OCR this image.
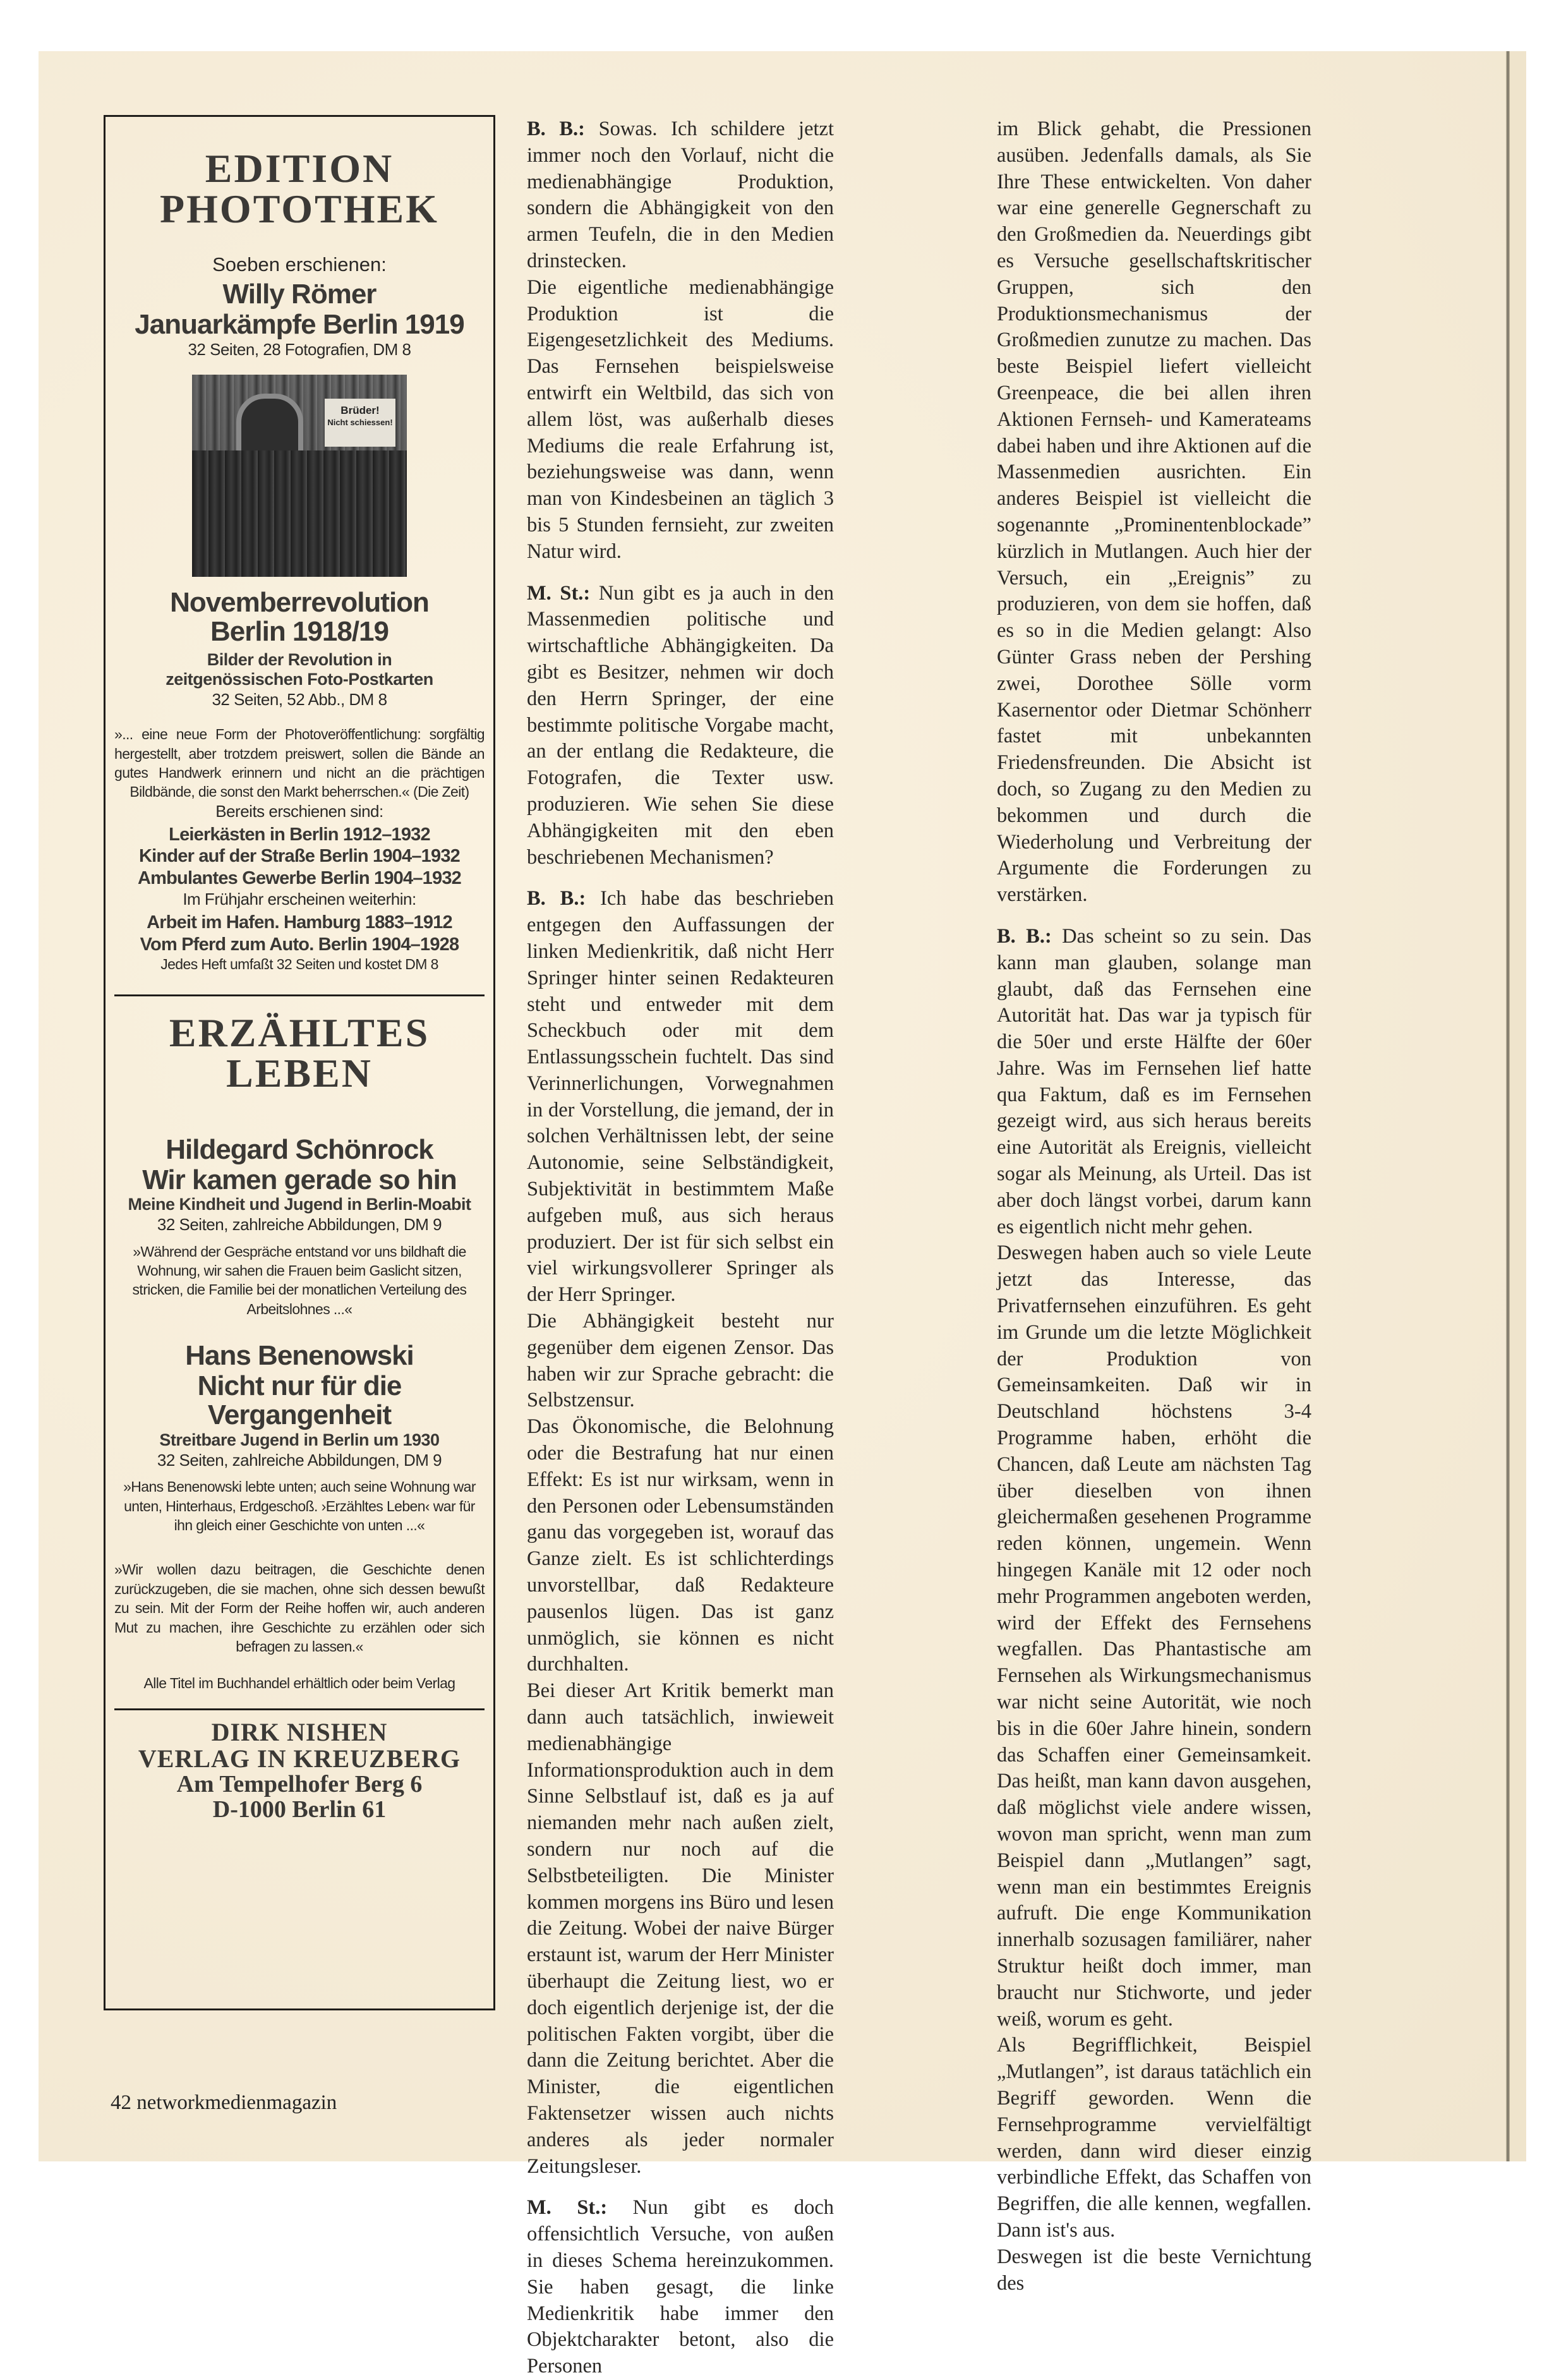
EDITION
PHOTOTHEK

Soeben erschienen:

Willy Römer

Januarkämpfe Berlin 1919

32 Seiten, 28 Fotografien, DM 8

Brüder!
Nicht schiessen!

Novemberrevolution

Berlin 1918/19

Bilder der Revolution in

zeitgenössischen Foto-Postkarten

32 Seiten, 52 Abb., DM 8

»... eine neue Form der Photoveröffentlichung: sorgfältig hergestellt, aber trotzdem preiswert, sollen die Bände an gutes Handwerk erinnern und nicht an die prächtigen Bildbände, die sonst den Markt beherrschen.« (Die Zeit)

Bereits erschienen sind:

Leierkästen in Berlin 1912–1932

Kinder auf der Straße Berlin 1904–1932

Ambulantes Gewerbe Berlin 1904–1932

Im Frühjahr erscheinen weiterhin:

Arbeit im Hafen. Hamburg 1883–1912

Vom Pferd zum Auto. Berlin 1904–1928

Jedes Heft umfaßt 32 Seiten und kostet DM 8

ERZÄHLTES
LEBEN

Hildegard Schönrock

Wir kamen gerade so hin

Meine Kindheit und Jugend in Berlin-Moabit

32 Seiten, zahlreiche Abbildungen, DM 9

»Während der Gespräche entstand vor uns bildhaft die Wohnung, wir sahen die Frauen beim Gaslicht sitzen, stricken, die Familie bei der monatlichen Verteilung des Arbeitslohnes ...«

Hans Benenowski

Nicht nur für die Vergangenheit

Streitbare Jugend in Berlin um 1930

32 Seiten, zahlreiche Abbildungen, DM 9

»Hans Benenowski lebte unten; auch seine Wohnung war unten, Hinterhaus, Erdgeschoß. ›Erzähltes Leben‹ war für ihn gleich einer Geschichte von unten ...«

»Wir wollen dazu beitragen, die Geschichte denen zurückzugeben, die sie machen, ohne sich dessen bewußt zu sein. Mit der Form der Reihe hoffen wir, auch anderen Mut zu machen, ihre Geschichte zu erzählen oder sich befragen zu lassen.«

Alle Titel im Buchhandel erhältlich oder beim Verlag

DIRK NISHEN
VERLAG IN KREUZBERG
Am Tempelhofer Berg 6
D-1000 Berlin 61

B. B.: Sowas. Ich schildere jetzt immer noch den Vorlauf, nicht die medienabhängige Produktion, sondern die Abhängigkeit von den armen Teufeln, die in den Medien drinstecken.

Die eigentliche medienabhängige Produktion ist die Eigengesetzlichkeit des Mediums. Das Fernsehen beispielsweise entwirft ein Weltbild, das sich von allem löst, was außerhalb dieses Mediums die reale Erfahrung ist, beziehungsweise was dann, wenn man von Kindesbeinen an täglich 3 bis 5 Stunden fernsieht, zur zweiten Natur wird.

M. St.: Nun gibt es ja auch in den Massenmedien politische und wirtschaftliche Abhängigkeiten. Da gibt es Besitzer, nehmen wir doch den Herrn Springer, der eine bestimmte politische Vorgabe macht, an der entlang die Redakteure, die Fotografen, die Texter usw. produzieren. Wie sehen Sie diese Abhängigkeiten mit den eben beschriebenen Mechanismen?

B. B.: Ich habe das beschrieben entgegen den Auffassungen der linken Medienkritik, daß nicht Herr Springer hinter seinen Redakteuren steht und entweder mit dem Scheckbuch oder mit dem Entlassungsschein fuchtelt. Das sind Verinnerlichungen, Vorwegnahmen in der Vorstellung, die jemand, der in solchen Verhältnissen lebt, der seine Autonomie, seine Selbständigkeit, Subjektivität in bestimmtem Maße aufgeben muß, aus sich heraus produziert. Der ist für sich selbst ein viel wirkungsvollerer Springer als der Herr Springer.

Die Abhängigkeit besteht nur gegenüber dem eigenen Zensor. Das haben wir zur Sprache gebracht: die Selbstzensur.

Das Ökonomische, die Belohnung oder die Bestrafung hat nur einen Effekt: Es ist nur wirksam, wenn in den Personen oder Lebensumständen ganu das vorgegeben ist, worauf das Ganze zielt. Es ist schlichterdings unvorstellbar, daß Redakteure pausenlos lügen. Das ist ganz unmöglich, sie können es nicht durchhalten.

Bei dieser Art Kritik bemerkt man dann auch tatsächlich, inwieweit medienabhängige Informationsproduktion auch in dem Sinne Selbstlauf ist, daß es ja auf niemanden mehr nach außen zielt, sondern nur noch auf die Selbstbeteiligten. Die Minister kommen morgens ins Büro und lesen die Zeitung. Wobei der naive Bürger erstaunt ist, warum der Herr Minister überhaupt die Zeitung liest, wo er doch eigentlich derjenige ist, der die politischen Fakten vorgibt, über die dann die Zeitung berichtet. Aber die Minister, die eigentlichen Faktensetzer wissen auch nichts anderes als jeder normaler Zeitungsleser.

M. St.: Nun gibt es doch offensichtlich Versuche, von außen in dieses Schema hereinzukommen. Sie haben gesagt, die linke Medienkritik habe immer den Objektcharakter betont, also die Personen

im Blick gehabt, die Pressionen ausüben. Jedenfalls damals, als Sie Ihre These entwickelten. Von daher war eine generelle Gegnerschaft zu den Großmedien da. Neuerdings gibt es Versuche gesellschaftskritischer Gruppen, sich den Produktionsmechanismus der Großmedien zunutze zu machen. Das beste Beispiel liefert vielleicht Greenpeace, die bei allen ihren Aktionen Fernseh- und Kamerateams dabei haben und ihre Aktionen auf die Massenmedien ausrichten. Ein anderes Beispiel ist vielleicht die sogenannte „Prominentenblockade” kürzlich in Mutlangen. Auch hier der Versuch, ein „Ereignis” zu produzieren, von dem sie hoffen, daß es so in die Medien gelangt: Also Günter Grass neben der Pershing zwei, Dorothee Sölle vorm Kasernentor oder Dietmar Schönherr fastet mit unbekannten Friedensfreunden. Die Absicht ist doch, so Zugang zu den Medien zu bekommen und durch die Wiederholung und Verbreitung der Argumente die Forderungen zu verstärken.

B. B.: Das scheint so zu sein. Das kann man glauben, solange man glaubt, daß das Fernsehen eine Autorität hat. Das war ja typisch für die 50er und erste Hälfte der 60er Jahre. Was im Fernsehen lief hatte qua Faktum, daß es im Fernsehen gezeigt wird, aus sich heraus bereits eine Autorität als Ereignis, vielleicht sogar als Meinung, als Urteil. Das ist aber doch längst vorbei, darum kann es eigentlich nicht mehr gehen.

Deswegen haben auch so viele Leute jetzt das Interesse, das Privatfernsehen einzuführen. Es geht im Grunde um die letzte Möglichkeit der Produktion von Gemeinsamkeiten. Daß wir in Deutschland höchstens 3-4 Programme haben, erhöht die Chancen, daß Leute am nächsten Tag über dieselben von ihnen gleichermaßen gesehenen Programme reden können, ungemein. Wenn hingegen Kanäle mit 12 oder noch mehr Programmen angeboten werden, wird der Effekt des Fernsehens wegfallen. Das Phantastische am Fernsehen als Wirkungsmechanismus war nicht seine Autorität, wie noch bis in die 60er Jahre hinein, sondern das Schaffen einer Gemeinsamkeit. Das heißt, man kann davon ausgehen, daß möglichst viele andere wissen, wovon man spricht, wenn man zum Beispiel dann „Mutlangen” sagt, wenn man ein bestimmtes Ereignis aufruft. Die enge Kommunikation innerhalb sozusagen familiärer, naher Struktur heißt doch immer, man braucht nur Stichworte, und jeder weiß, worum es geht.

Als Begrifflichkeit, Beispiel „Mutlangen”, ist daraus tatächlich ein Begriff geworden. Wenn die Fernsehprogramme vervielfältigt werden, dann wird dieser einzig verbindliche Effekt, das Schaffen von Begriffen, die alle kennen, wegfallen. Dann ist's aus.

Deswegen ist die beste Vernichtung des

42 networkmedienmagazin
